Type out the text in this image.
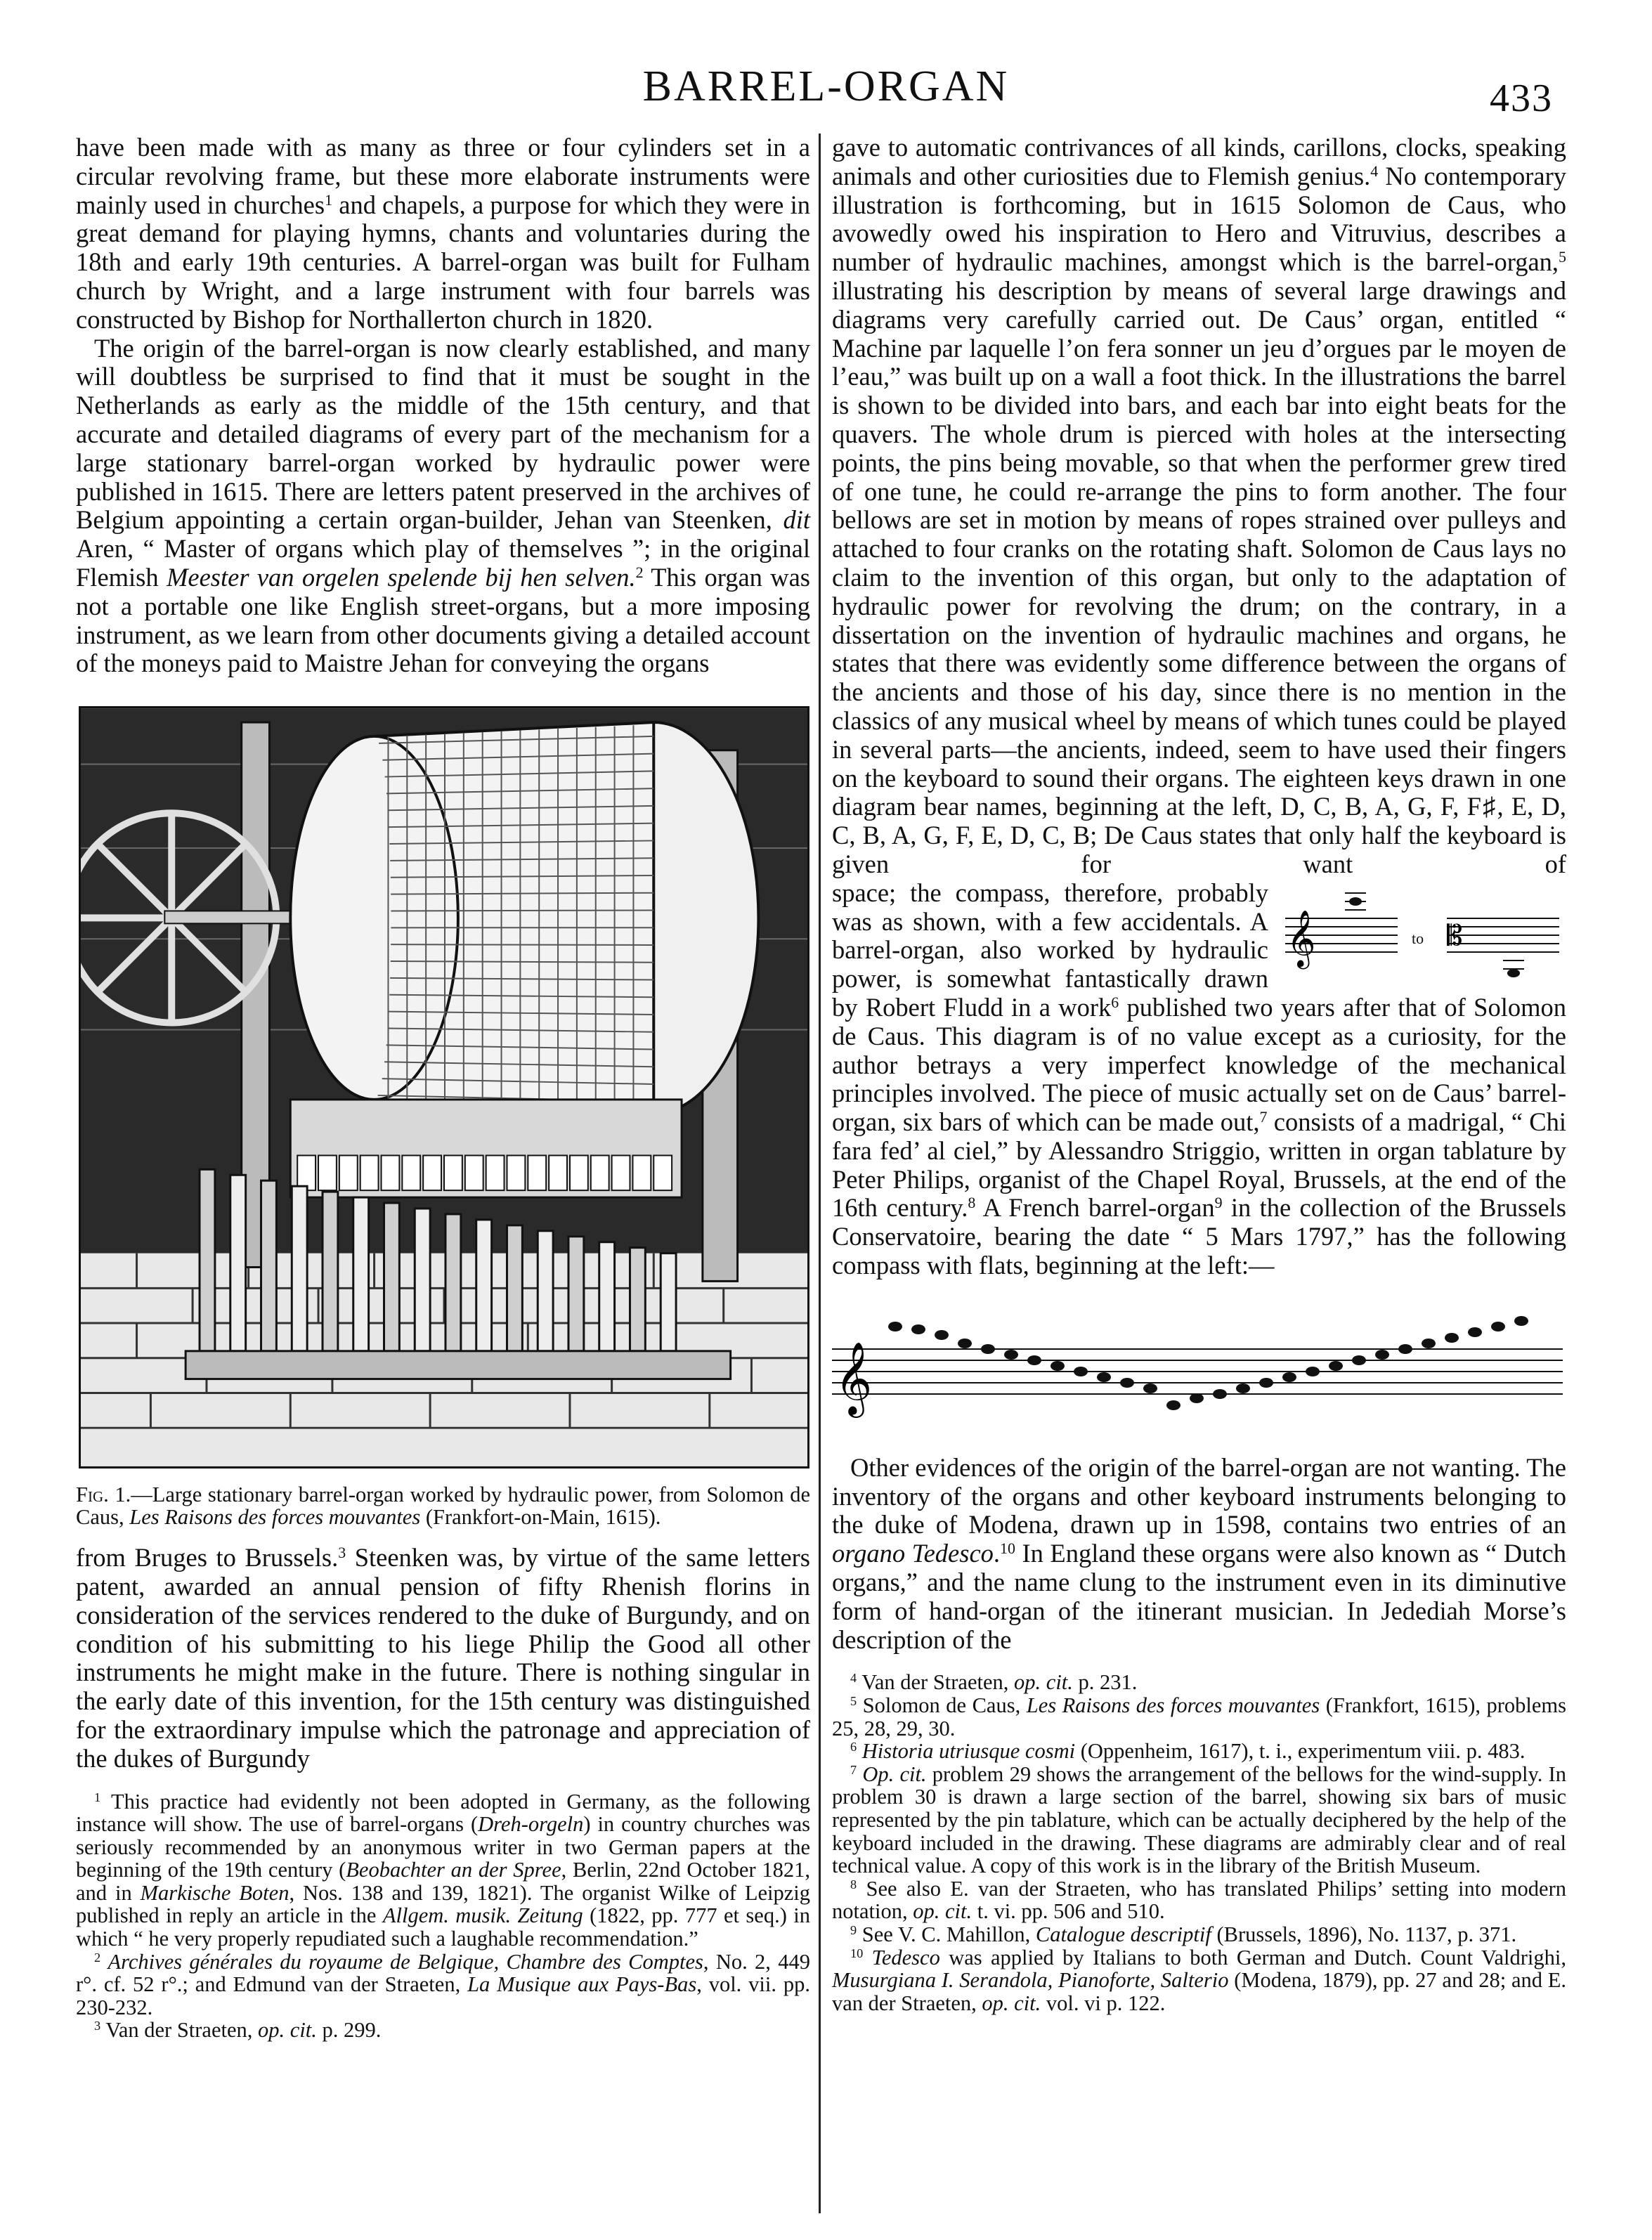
BARREL-ORGAN	433

have been made with as many as three or four cylinders set in a circular revolving frame, but these more elaborate instruments were mainly used in churches$^1$ and chapels, a purpose for which they were in great demand for playing hymns, chants and voluntaries during the 18th and early 19th centuries. A barrel-organ was built for Fulham church by Wright, and a large instrument with four barrels was constructed by Bishop for Northallerton church in 1820.

The origin of the barrel-organ is now clearly established, and many will doubtless be surprised to find that it must be sought in the Netherlands as early as the middle of the 15th century, and that accurate and detailed diagrams of every part of the mechanism for a large stationary barrel-organ worked by hydraulic power were published in 1615. There are letters patent preserved in the archives of Belgium appointing a certain organ-builder, Jehan van Steenken, dit Aren, “ Master of organs which play of themselves ”; in the original Flemish Meester van orgelen spelende bij hen selven.$^2$ This organ was not a portable one like English street-organs, but a more imposing instrument, as we learn from other documents giving a detailed account of the moneys paid to Maistre Jehan for conveying the organs

Fig. 1.—Large stationary barrel-organ worked by hydraulic power, from Solomon de Caus, Les Raisons des forces mouvantes (Frankfort-on-Main, 1615).

from Bruges to Brussels.$^3$ Steenken was, by virtue of the same letters patent, awarded an annual pension of fifty Rhenish florins in consideration of the services rendered to the duke of Burgundy, and on condition of his submitting to his liege Philip the Good all other instruments he might make in the future. There is nothing singular in the early date of this invention, for the 15th century was distinguished for the extraordinary impulse which the patronage and appreciation of the dukes of Burgundy

$^1$ This practice had evidently not been adopted in Germany, as the following instance will show. The use of barrel-organs (Dreh-orgeln) in country churches was seriously recommended by an anonymous writer in two German papers at the beginning of the 19th century (Beobachter an der Spree, Berlin, 22nd October 1821, and in Markische Boten, Nos. 138 and 139, 1821). The organist Wilke of Leipzig published in reply an article in the Allgem. musik. Zeitung (1822, pp. 777 et seq.) in which “ he very properly repudiated such a laughable recommendation.”

$^2$ Archives générales du royaume de Belgique, Chambre des Comptes, No. 2, 449 r°. cf. 52 r°.; and Edmund van der Straeten, La Musique aux Pays-Bas, vol. vii. pp. 230-232.

$^3$ Van der Straeten, op. cit. p. 299.

gave to automatic contrivances of all kinds, carillons, clocks, speaking animals and other curiosities due to Flemish genius.$^4$ No contemporary illustration is forthcoming, but in 1615 Solomon de Caus, who avowedly owed his inspiration to Hero and Vitruvius, describes a number of hydraulic machines, amongst which is the barrel-organ,$^5$ illustrating his description by means of several large drawings and diagrams very carefully carried out. De Caus’ organ, entitled “ Machine par laquelle l’on fera sonner un jeu d’orgues par le moyen de l’eau,” was built up on a wall a foot thick. In the illustrations the barrel is shown to be divided into bars, and each bar into eight beats for the quavers. The whole drum is pierced with holes at the intersecting points, the pins being movable, so that when the performer grew tired of one tune, he could re-arrange the pins to form another. The four bellows are set in motion by means of ropes strained over pulleys and attached to four cranks on the rotating shaft. Solomon de Caus lays no claim to the invention of this organ, but only to the adaptation of hydraulic power for revolving the drum; on the contrary, in a dissertation on the invention of hydraulic machines and organs, he states that there was evidently some difference between the organs of the ancients and those of his day, since there is no mention in the classics of any musical wheel by means of which tunes could be played in several parts—the ancients, indeed, seem to have used their fingers on the keyboard to sound their organs. The eighteen keys drawn in one diagram bear names, beginning at the left, D, C, B, A, G, F, F♯, E, D, C, B, A, G, F, E, D, C, B; De Caus states that only half the keyboard is given for want of

𝄞	𝄡
to

space; the compass, therefore, probably was as shown, with a few accidentals. A barrel-organ, also worked by hydraulic power, is somewhat fantastically drawn by Robert Fludd in a work$^6$ published two years after that of Solomon de Caus. This diagram is of no value except as a curiosity, for the author betrays a very imperfect knowledge of the mechanical principles involved. The piece of music actually set on de Caus’ barrel-organ, six bars of which can be made out,$^7$ consists of a madrigal, “ Chi fara fed’ al ciel,” by Alessandro Striggio, written in organ tablature by Peter Philips, organist of the Chapel Royal, Brussels, at the end of the 16th century.$^8$ A French barrel-organ$^9$ in the collection of the Brussels Conservatoire, bearing the date “ 5 Mars 1797,” has the following compass with flats, beginning at the left:—

𝄞

Other evidences of the origin of the barrel-organ are not wanting. The inventory of the organs and other keyboard instruments belonging to the duke of Modena, drawn up in 1598, contains two entries of an organo Tedesco.$^{10}$ In England these organs were also known as “ Dutch organs,” and the name clung to the instrument even in its diminutive form of hand-organ of the itinerant musician. In Jedediah Morse’s description of the

$^4$ Van der Straeten, op. cit. p. 231.

$^5$ Solomon de Caus, Les Raisons des forces mouvantes (Frankfort, 1615), problems 25, 28, 29, 30.

$^6$ Historia utriusque cosmi (Oppenheim, 1617), t. i., experimentum viii. p. 483.

$^7$ Op. cit. problem 29 shows the arrangement of the bellows for the wind-supply. In problem 30 is drawn a large section of the barrel, showing six bars of music represented by the pin tablature, which can be actually deciphered by the help of the keyboard included in the drawing. These diagrams are admirably clear and of real technical value. A copy of this work is in the library of the British Museum.

$^8$ See also E. van der Straeten, who has translated Philips’ setting into modern notation, op. cit. t. vi. pp. 506 and 510.

$^9$ See V. C. Mahillon, Catalogue descriptif (Brussels, 1896), No. 1137, p. 371.

$^{10}$ Tedesco was applied by Italians to both German and Dutch. Count Valdrighi, Musurgiana I. Serandola, Pianoforte, Salterio (Modena, 1879), pp. 27 and 28; and E. van der Straeten, op. cit. vol. vi p. 122.
